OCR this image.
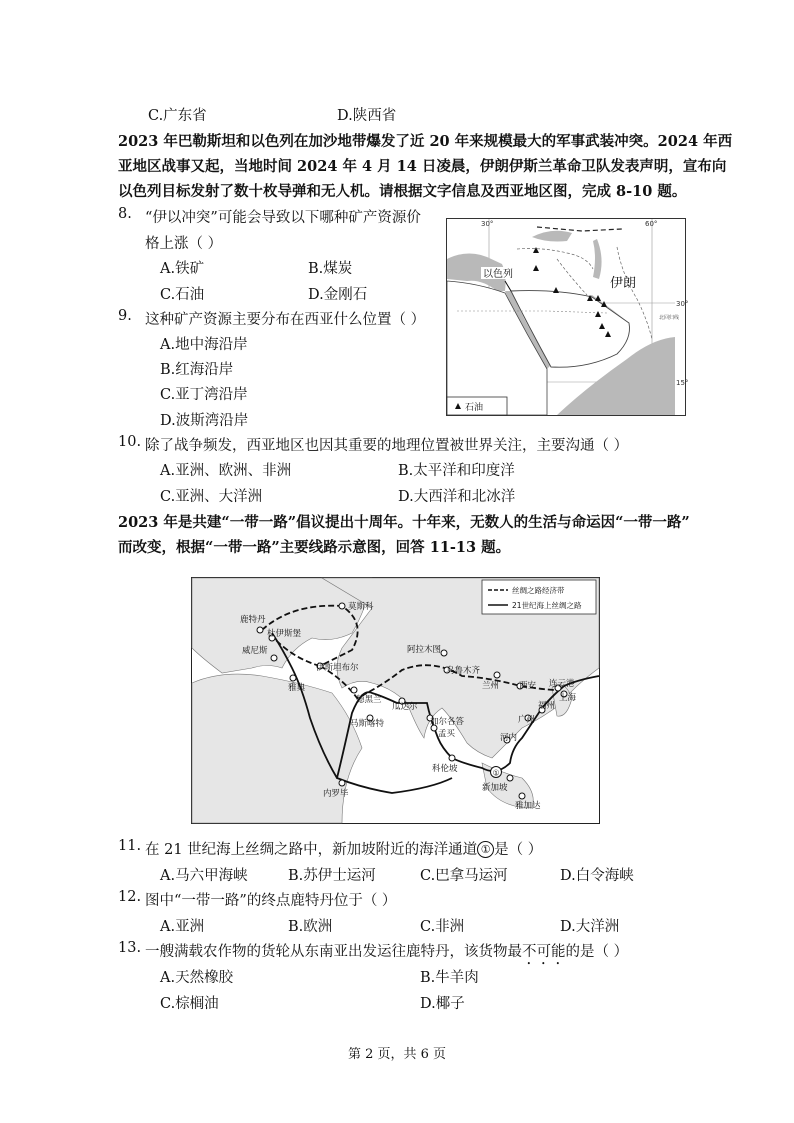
C.广东省	D.陕西省
2023 年巴勒斯坦和以色列在加沙地带爆发了近 20 年来规模最大的军事武装冲突。2024 年西
亚地区战事又起，当地时间 2024 年 4 月 14 日凌晨，伊朗伊斯兰革命卫队发表声明，宣布向
以色列目标发射了数十枚导弹和无人机。请根据文字信息及西亚地区图，完成 8-10 题。
8. “伊以冲突”可能会导致以下哪种矿产资源价
格上涨（ ）
A.铁矿	B.煤炭
C.石油	D.金刚石
9. 这种矿产资源主要分布在西亚什么位置（ ）
A.地中海沿岸
B.红海沿岸
C.亚丁湾沿岸
D.波斯湾沿岸
30°	60°
30°
15°
以色列
伊朗
北回归线
石油
10. 除了战争频发，西亚地区也因其重要的地理位置被世界关注，主要沟通（ ）
A.亚洲、欧洲、非洲	B.太平洋和印度洋
C.亚洲、大洋洲	D.大西洋和北冰洋
2023 年是共建“一带一路”倡议提出十周年。十年来，无数人的生活与命运因“一带一路”
而改变，根据“一带一路”主要线路示意图，回答 11-13 题。
丝绸之路经济带
21世纪海上丝绸之路
①
莫斯科
鹿特丹
杜伊斯堡
威尼斯
伊斯坦布尔
雅典
德黑兰
阿拉木图
乌鲁木齐
兰州 西安 连云港
上海
福州
广州
河内
加尔各答
瓜达尔
马斯喀特
孟买
科伦坡
内罗毕
新加坡
雅加达
11. 在 21 世纪海上丝绸之路中，新加坡附近的海洋通道 ① 是（ ）
A.马六甲海峡	B.苏伊士运河	C.巴拿马运河	D.白令海峡
12. 图中“一带一路”的终点鹿特丹位于（ ）
A.亚洲	B.欧洲	C.非洲	D.大洋洲
13. 一艘满载农作物的货轮从东南亚出发运往鹿特丹，该货物最不可能的是（ ）
A.天然橡胶	B.牛羊肉
C.棕榈油	D.椰子
第 2 页，共 6 页
